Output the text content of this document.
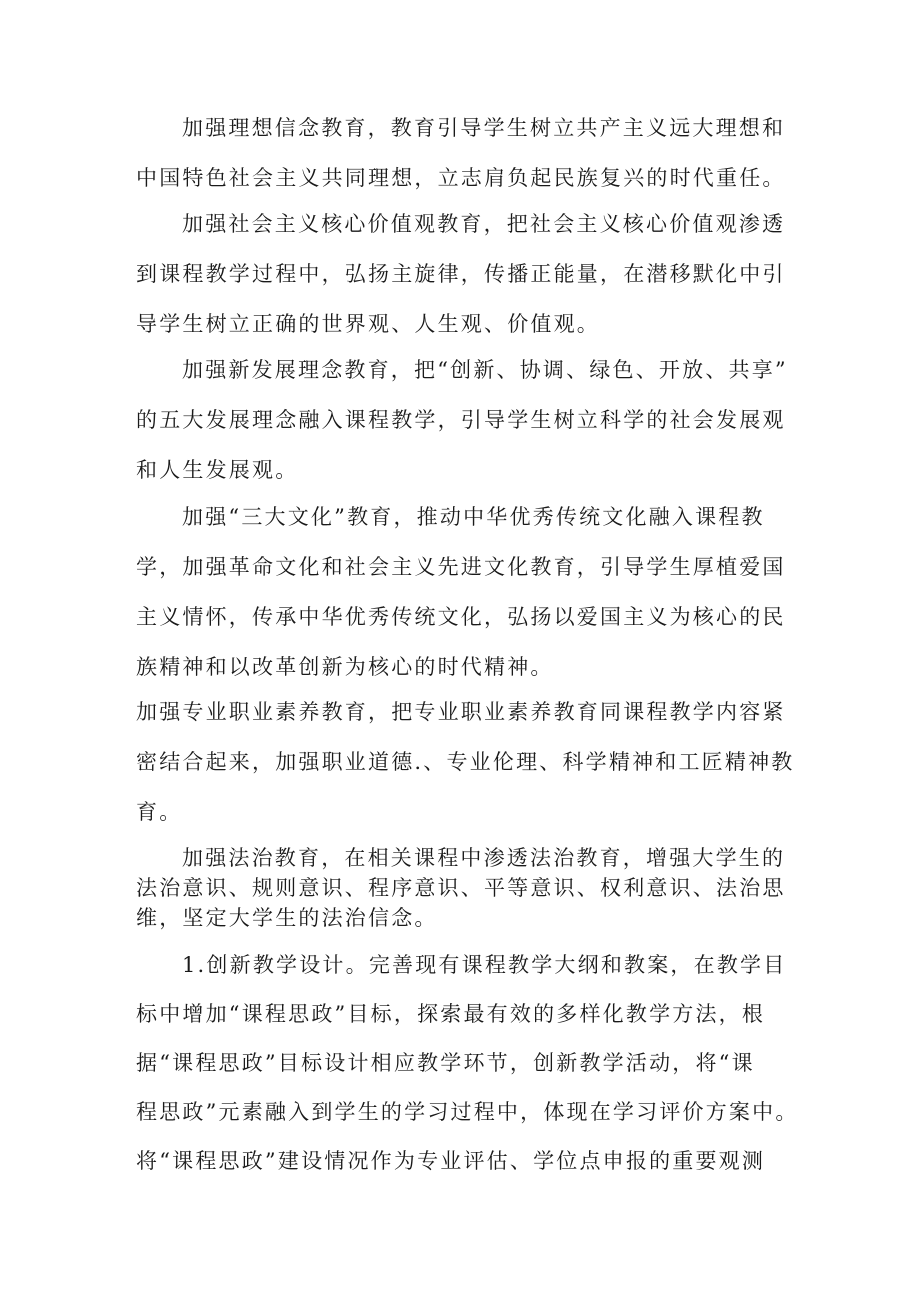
加强理想信念教育，教育引导学生树立共产主义远大理想和
中国特色社会主义共同理想，立志肩负起民族复兴的时代重任。

加强社会主义核心价值观教育，把社会主义核心价值观渗透
到课程教学过程中，弘扬主旋律，传播正能量，在潜移默化中引
导学生树立正确的世界观、人生观、价值观。

加强新发展理念教育，把“创新、协调、绿色、开放、共享”
的五大发展理念融入课程教学，引导学生树立科学的社会发展观
和人生发展观。

加强“三大文化”教育，推动中华优秀传统文化融入课程教
学，加强革命文化和社会主义先进文化教育，引导学生厚植爱国
主义情怀，传承中华优秀传统文化，弘扬以爱国主义为核心的民
族精神和以改革创新为核心的时代精神。

加强专业职业素养教育，把专业职业素养教育同课程教学内容紧
密结合起来，加强职业道德.、专业伦理、科学精神和工匠精神教
育。

加强法治教育，在相关课程中渗透法治教育，增强大学生的
法治意识、规则意识、程序意识、平等意识、权利意识、法治思
维，坚定大学生的法治信念。

1.创新教学设计。完善现有课程教学大纲和教案，在教学目
标中增加“课程思政”目标，探索最有效的多样化教学方法，根
据“课程思政”目标设计相应教学环节，创新教学活动，将“课
程思政”元素融入到学生的学习过程中，体现在学习评价方案中。
将“课程思政”建设情况作为专业评估、学位点申报的重要观测
